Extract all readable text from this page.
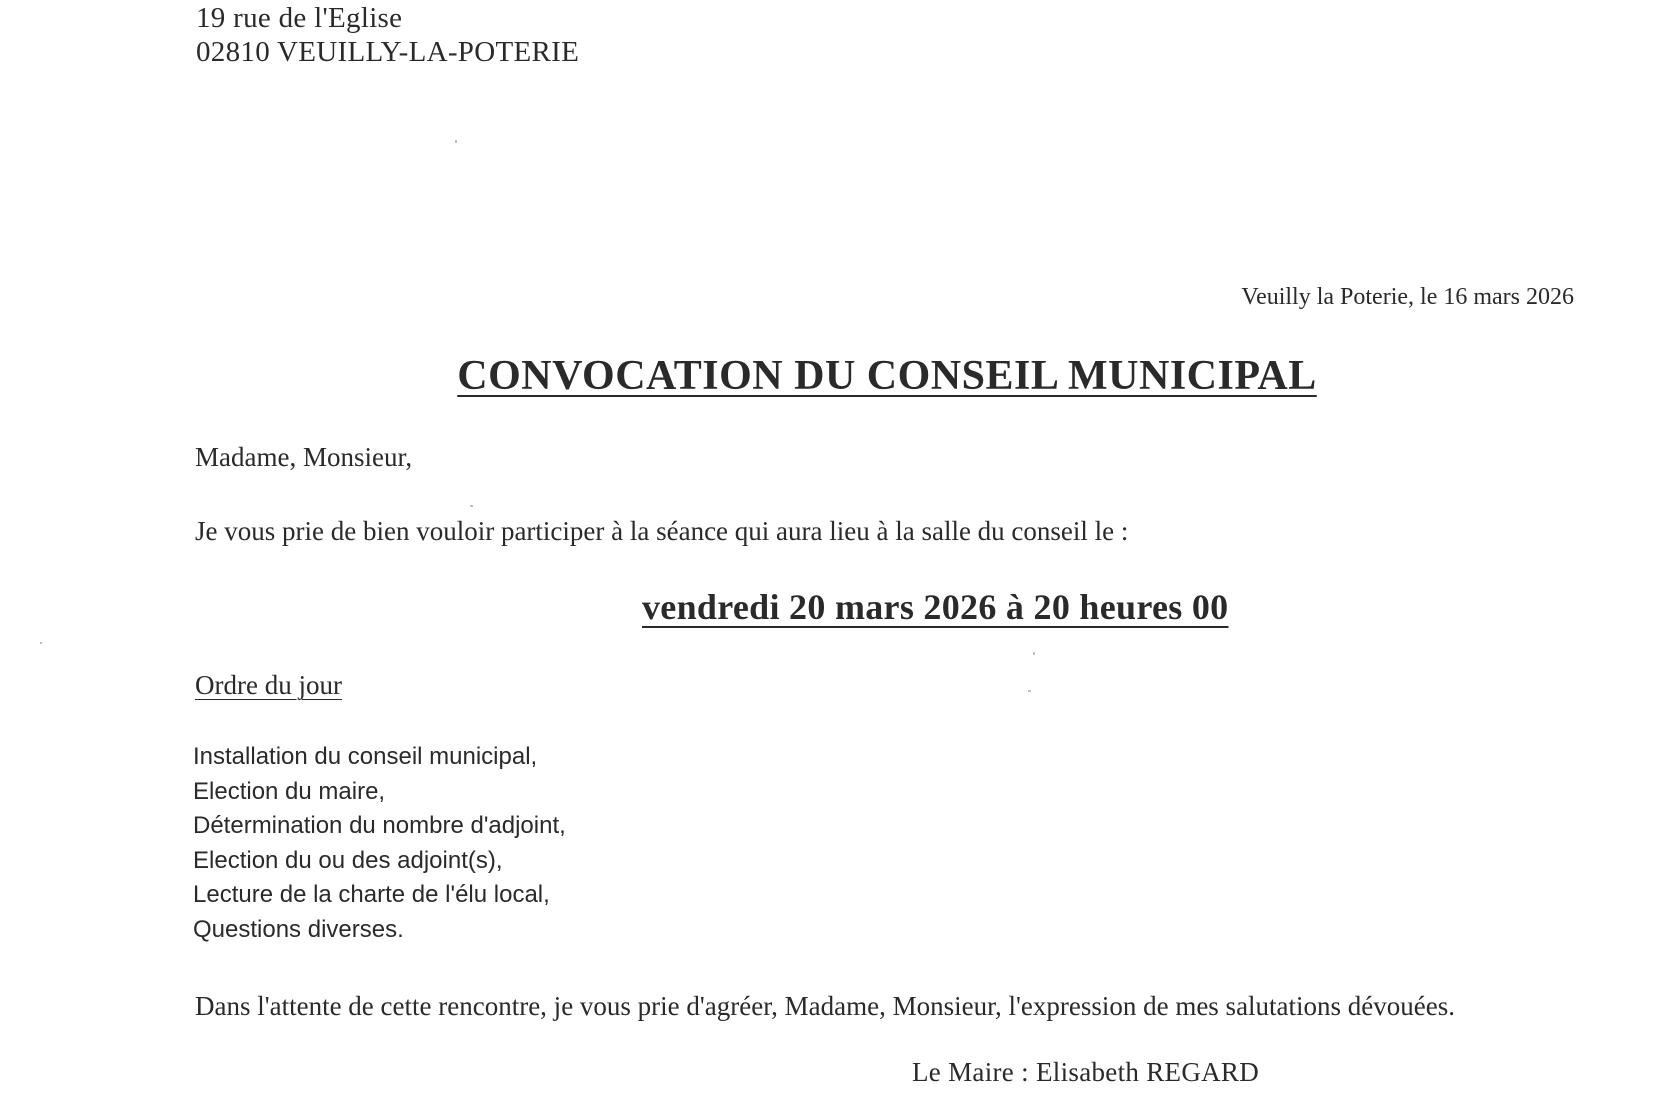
19 rue de l'Eglise
02810 VEUILLY-LA-POTERIE
Veuilly la Poterie, le 16 mars 2026
CONVOCATION DU CONSEIL MUNICIPAL
Madame, Monsieur,
Je vous prie de bien vouloir participer à la séance qui aura lieu à la salle du conseil le :
vendredi 20 mars 2026 à 20 heures 00
Ordre du jour
Installation du conseil municipal,
Election du maire,
Détermination du nombre d'adjoint,
Election du ou des adjoint(s),
Lecture de la charte de l'élu local,
Questions diverses.
Dans l'attente de cette rencontre, je vous prie d'agréer, Madame, Monsieur, l'expression de mes salutations dévouées.
Le Maire : Elisabeth REGARD
